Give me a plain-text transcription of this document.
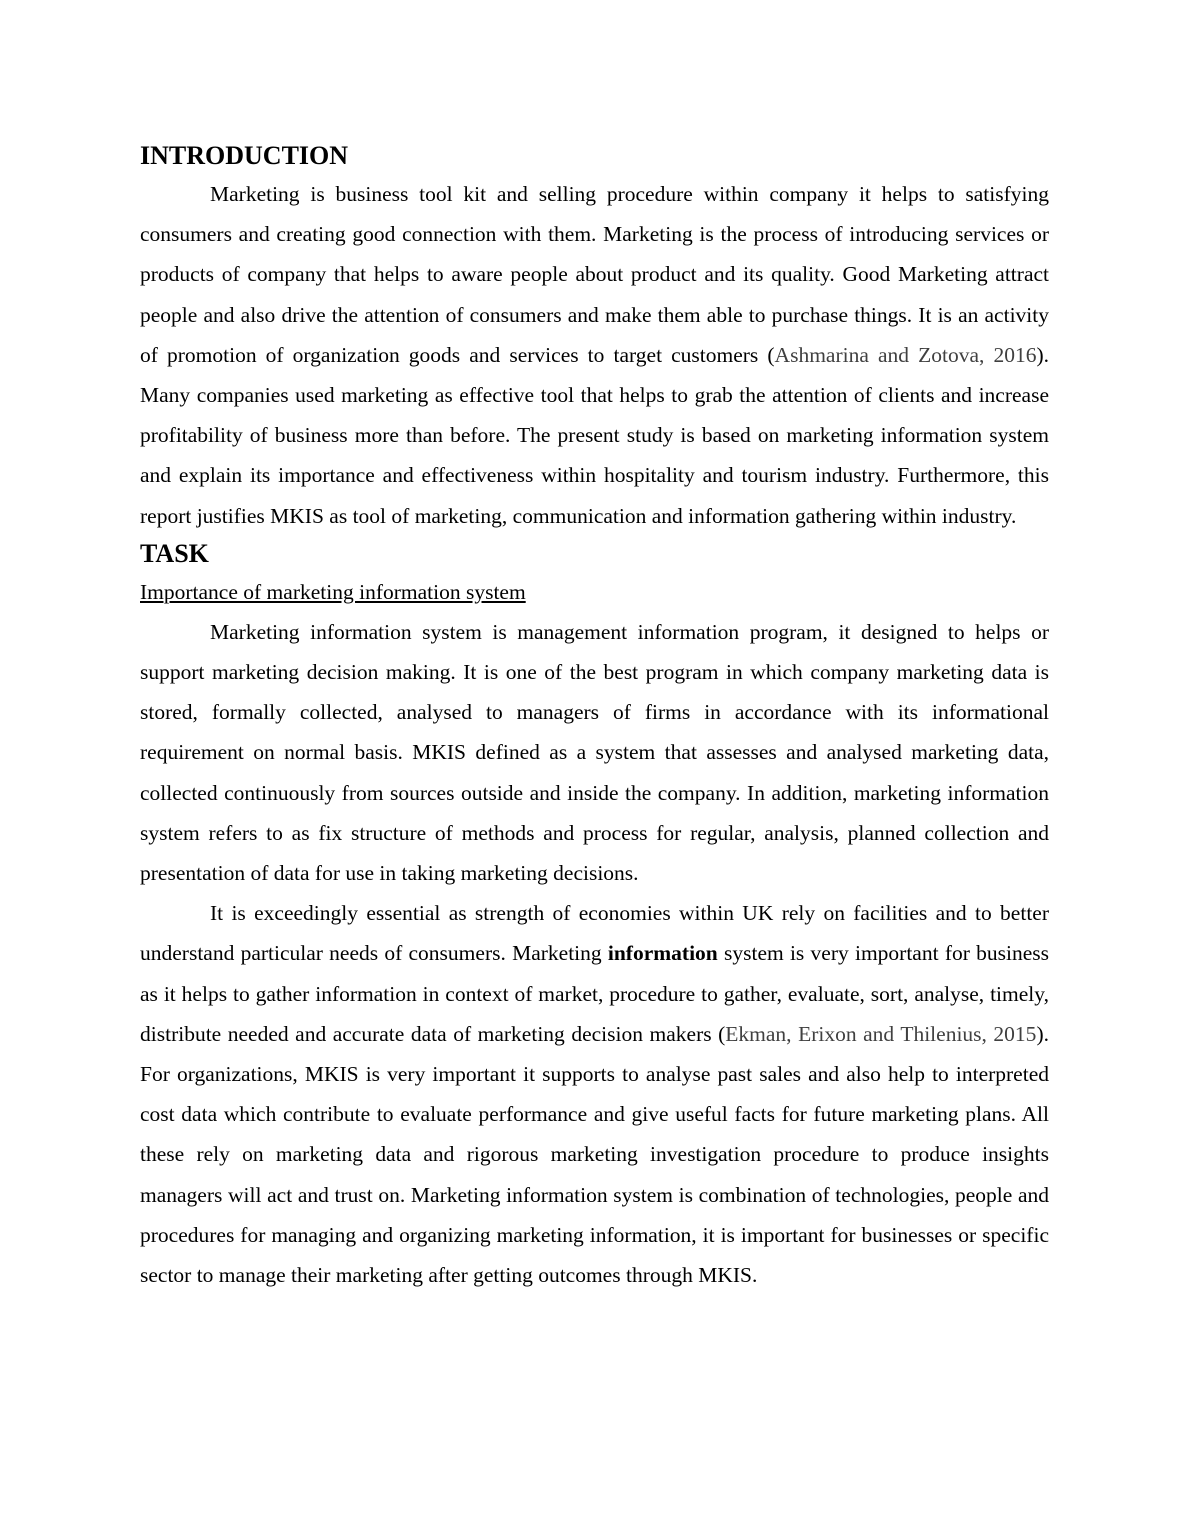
INTRODUCTION

Marketing is business tool kit and selling procedure within company it helps to satisfying consumers and creating good connection with them. Marketing is the process of introducing services or products of company that helps to aware people about product and its quality. Good Marketing attract people and also drive the attention of consumers and make them able to purchase things. It is an activity of promotion of organization goods and services to target customers (Ashmarina and Zotova, 2016). Many companies used marketing as effective tool that helps to grab the attention of clients and increase profitability of business more than before. The present study is based on marketing information system and explain its importance and effectiveness within hospitality and tourism industry. Furthermore, this report justifies MKIS as tool of marketing, communication and information gathering within industry.

TASK
Importance of marketing information system

Marketing information system is management information program, it designed to helps or support marketing decision making. It is one of the best program in which company marketing data is stored, formally collected, analysed to managers of firms in accordance with its informational requirement on normal basis. MKIS defined as a system that assesses and analysed marketing data, collected continuously from sources outside and inside the company. In addition, marketing information system refers to as fix structure of methods and process for regular, analysis, planned collection and presentation of data for use in taking marketing decisions.

It is exceedingly essential as strength of economies within UK rely on facilities and to better understand particular needs of consumers. Marketing information system is very important for business as it helps to gather information in context of market, procedure to gather, evaluate, sort, analyse, timely, distribute needed and accurate data of marketing decision makers (Ekman, Erixon and Thilenius, 2015). For organizations, MKIS is very important it supports to analyse past sales and also help to interpreted cost data which contribute to evaluate performance and give useful facts for future marketing plans. All these rely on marketing data and rigorous marketing investigation procedure to produce insights managers will act and trust on. Marketing information system is combination of technologies, people and procedures for managing and organizing marketing information, it is important for businesses or specific sector to manage their marketing after getting outcomes through MKIS.
